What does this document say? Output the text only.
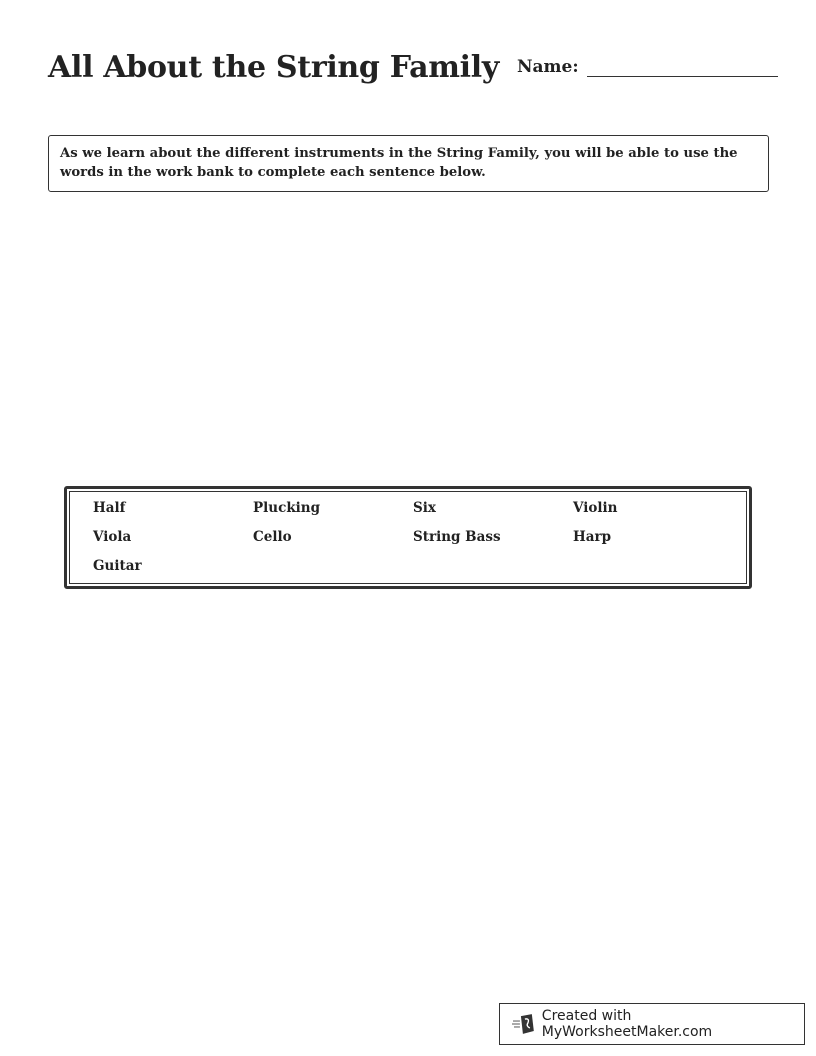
All About the String Family Name:
As we learn about the different instruments in the String Family, you will be able to use the words in the work bank to complete each sentence below.
Half	Plucking	Six	Violin
Viola	Cello	String Bass	Harp
Guitar
Created with MyWorksheetMaker.com
